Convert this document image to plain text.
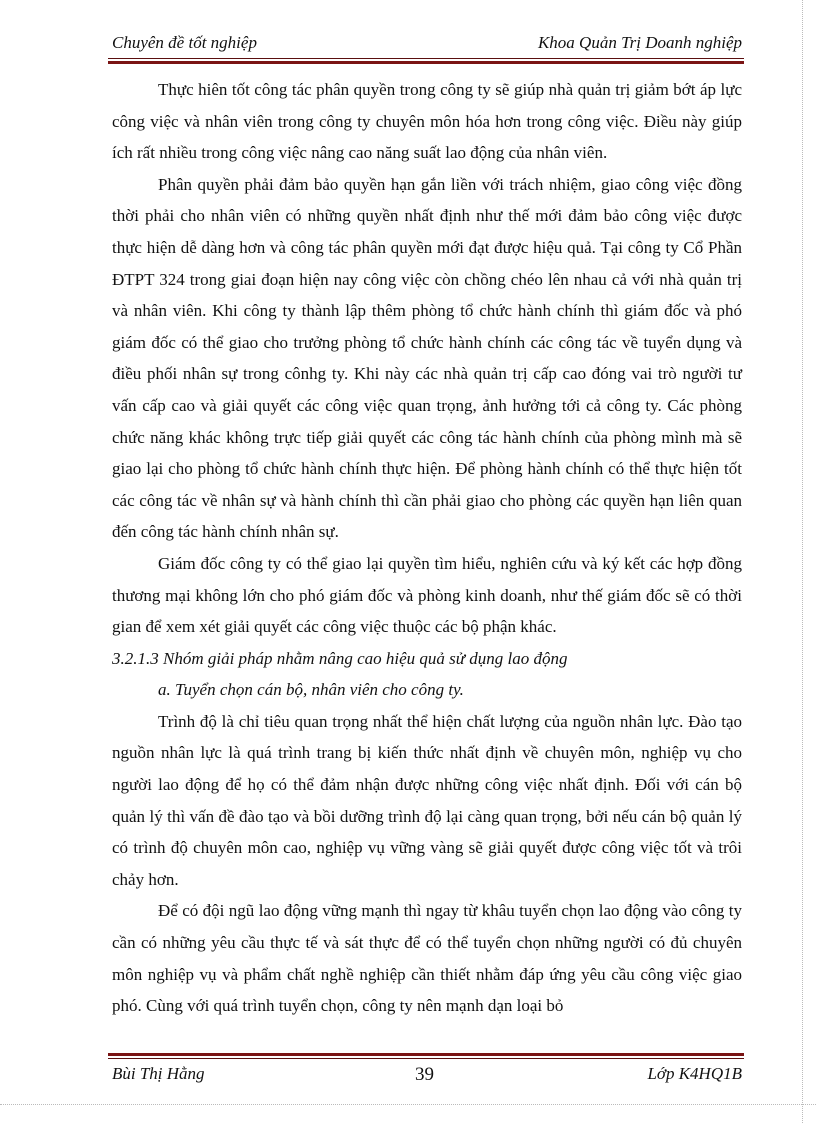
Chuyên đề tốt nghiệp	Khoa Quản Trị Doanh nghiệp

Thực hiên tốt công tác phân quyền trong công ty sẽ giúp nhà quản trị giảm bớt áp lực công việc và nhân viên trong công ty chuyên môn hóa hơn trong công việc. Điều này giúp ích rất nhiều trong công việc nâng cao năng suất lao động của nhân viên.

Phân quyền phải đảm bảo quyền hạn gắn liền với trách nhiệm, giao công việc đồng thời phải cho nhân viên có những quyền nhất định như thế mới đảm bảo công việc được thực hiện dễ dàng hơn và công tác phân quyền mới đạt được hiệu quả. Tại công ty Cổ Phần ĐTPT 324 trong giai đoạn hiện nay công việc còn chồng chéo lên nhau cả với nhà quản trị và nhân viên. Khi công ty thành lập thêm phòng tổ chức hành chính thì giám đốc và phó giám đốc có thể giao cho trưởng phòng tổ chức hành chính các công tác về tuyển dụng và điều phối nhân sự trong cônhg ty. Khi này các nhà quản trị cấp cao đóng vai trò người tư vấn cấp cao và giải quyết các công việc quan trọng, ảnh hưởng tới cả công ty. Các phòng chức năng khác không trực tiếp giải quyết các công tác hành chính của phòng mình mà sẽ giao lại cho phòng tổ chức hành chính thực hiện. Để phòng hành chính có thể thực hiện tốt các công tác về nhân sự và hành chính thì cần phải giao cho phòng các quyền hạn liên quan đến công tác hành chính nhân sự.

Giám đốc công ty có thể giao lại quyền tìm hiểu, nghiên cứu và ký kết các hợp đồng thương mại không lớn cho phó giám đốc và phòng kinh doanh, như thế giám đốc sẽ có thời gian để xem xét giải quyết các công việc thuộc các bộ phận khác.

3.2.1.3 Nhóm giải pháp nhằm nâng cao hiệu quả sử dụng lao động

a. Tuyển chọn cán bộ, nhân viên cho công ty.

Trình độ là chỉ tiêu quan trọng nhất thể hiện chất lượng của nguồn nhân lực. Đào tạo nguồn nhân lực là quá trình trang bị kiến thức nhất định về chuyên môn, nghiệp vụ cho người lao động để họ có thể đảm nhận được những công việc nhất định. Đối với cán bộ quản lý thì vấn đề đào tạo và bồi dưỡng trình độ lại càng quan trọng, bởi nếu cán bộ quản lý có trình độ chuyên môn cao, nghiệp vụ vững vàng sẽ giải quyết được công việc tốt và trôi chảy hơn.

Để có đội ngũ lao động vững mạnh thì ngay từ khâu tuyển chọn lao động vào công ty cần có những yêu cầu thực tế và sát thực để có thể tuyển chọn những người có đủ chuyên môn nghiệp vụ và phẩm chất nghề nghiệp cần thiết nhằm đáp ứng yêu cầu công việc giao phó. Cùng với quá trình tuyển chọn, công ty nên mạnh dạn loại bỏ

Bùi Thị Hằng	39	Lớp K4HQ1B
